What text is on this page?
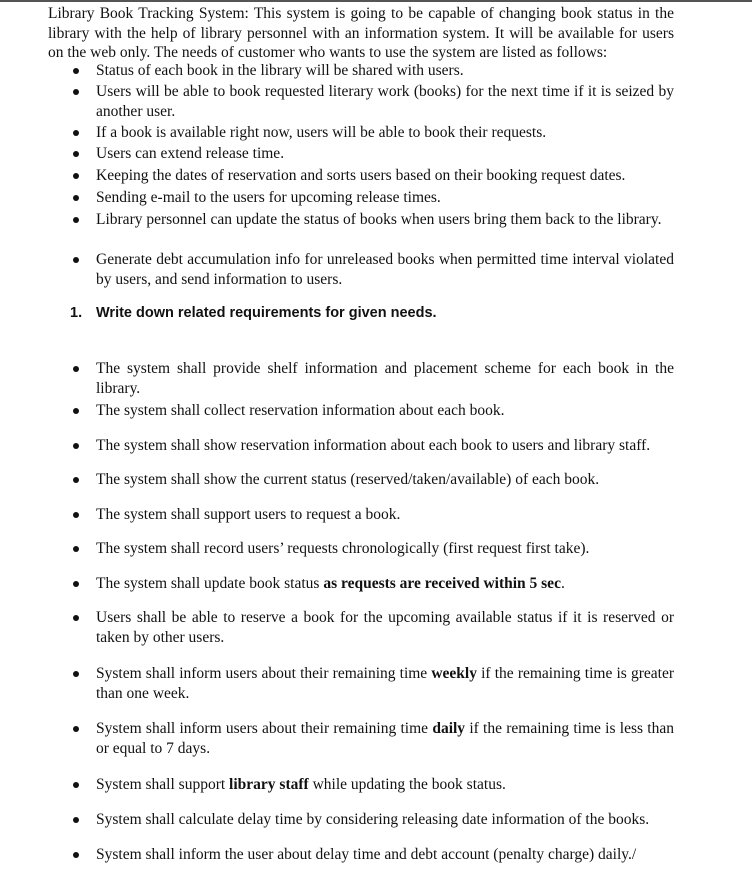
Library Book Tracking System: This system is going to be capable of changing book status in the library with the help of library personnel with an information system. It will be available for users on the web only. The needs of customer who wants to use the system are listed as follows:

Status of each book in the library will be shared with users.
Users will be able to book requested literary work (books) for the next time if it is seized by another user.
If a book is available right now, users will be able to book their requests.
Users can extend release time.
Keeping the dates of reservation and sorts users based on their booking request dates.
Sending e-mail to the users for upcoming release times.
Library personnel can update the status of books when users bring them back to the library.
Generate debt accumulation info for unreleased books when permitted time interval violated by users, and send information to users.
1. Write down related requirements for given needs.
The system shall provide shelf information and placement scheme for each book in the library.
The system shall collect reservation information about each book.
The system shall show reservation information about each book to users and library staff.
The system shall show the current status (reserved/taken/available) of each book.
The system shall support users to request a book.
The system shall record users’ requests chronologically (first request first take).
The system shall update book status as requests are received within 5 sec.
Users shall be able to reserve a book for the upcoming available status if it is reserved or taken by other users.
System shall inform users about their remaining time weekly if the remaining time is greater than one week.
System shall inform users about their remaining time daily if the remaining time is less than or equal to 7 days.
System shall support library staff while updating the book status.
System shall calculate delay time by considering releasing date information of the books.
System shall inform the user about delay time and debt account (penalty charge) daily./
